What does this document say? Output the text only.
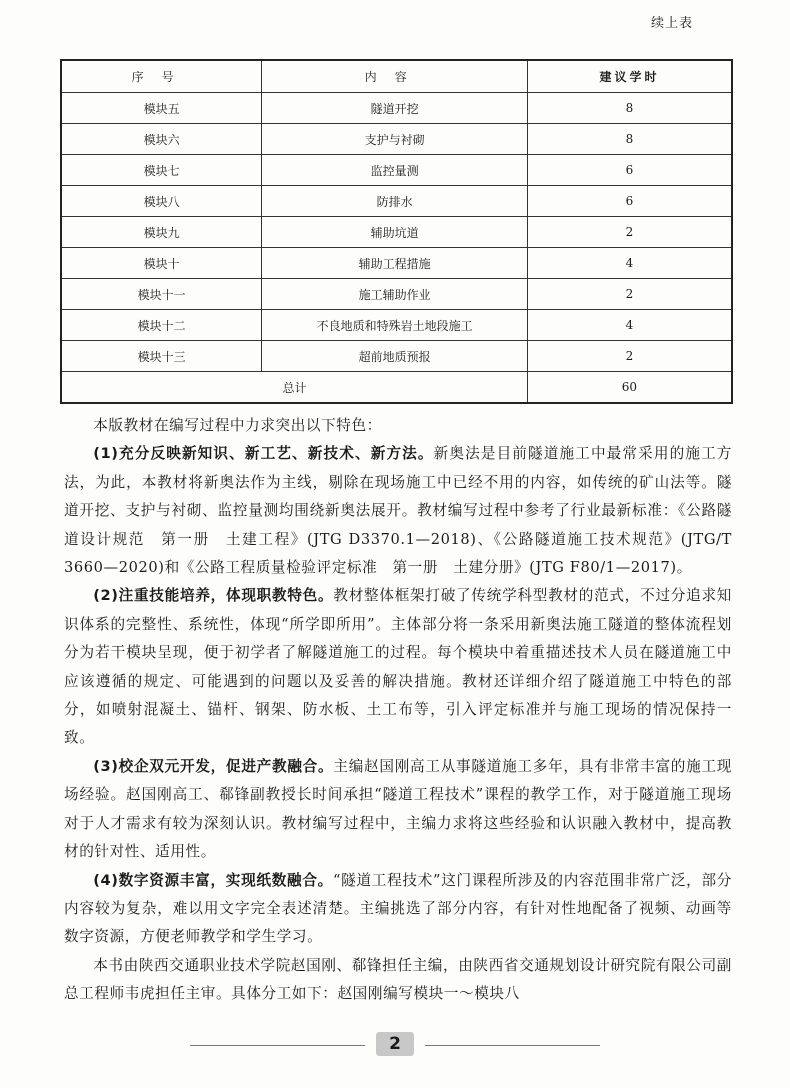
续上表
序号	内容	建议学时
模块五	隧道开挖	8
模块六	支护与衬砌	8
模块七	监控量测	6
模块八	防排水	6
模块九	辅助坑道	2
模块十	辅助工程措施	4
模块十一	施工辅助作业	2
模块十二	不良地质和特殊岩土地段施工	4
模块十三	超前地质预报	2
总计		60

本版教材在编写过程中力求突出以下特色：

(1)充分反映新知识、新工艺、新技术、新方法。新奥法是目前隧道施工中最常采用的施工方法，为此，本教材将新奥法作为主线，剔除在现场施工中已经不用的内容，如传统的矿山法等。隧道开挖、支护与衬砌、监控量测均围绕新奥法展开。教材编写过程中参考了行业最新标准：《公路隧道设计规范　第一册　土建工程》(JTG D3370.1—2018)、《公路隧道施工技术规范》(JTG/T 3660—2020)和《公路工程质量检验评定标准　第一册　土建分册》(JTG F80/1—2017)。

(2)注重技能培养，体现职教特色。教材整体框架打破了传统学科型教材的范式，不过分追求知识体系的完整性、系统性，体现“所学即所用”。主体部分将一条采用新奥法施工隧道的整体流程划分为若干模块呈现，便于初学者了解隧道施工的过程。每个模块中着重描述技术人员在隧道施工中应该遵循的规定、可能遇到的问题以及妥善的解决措施。教材还详细介绍了隧道施工中特色的部分，如喷射混凝土、锚杆、钢架、防水板、土工布等，引入评定标准并与施工现场的情况保持一致。

(3)校企双元开发，促进产教融合。主编赵国刚高工从事隧道施工多年，具有非常丰富的施工现场经验。赵国刚高工、郗锋副教授长时间承担“隧道工程技术”课程的教学工作，对于隧道施工现场对于人才需求有较为深刻认识。教材编写过程中，主编力求将这些经验和认识融入教材中，提高教材的针对性、适用性。

(4)数字资源丰富，实现纸数融合。“隧道工程技术”这门课程所涉及的内容范围非常广泛，部分内容较为复杂，难以用文字完全表述清楚。主编挑选了部分内容，有针对性地配备了视频、动画等数字资源，方便老师教学和学生学习。

本书由陕西交通职业技术学院赵国刚、郗锋担任主编，由陕西省交通规划设计研究院有限公司副总工程师韦虎担任主审。具体分工如下：赵国刚编写模块一～模块八

2
